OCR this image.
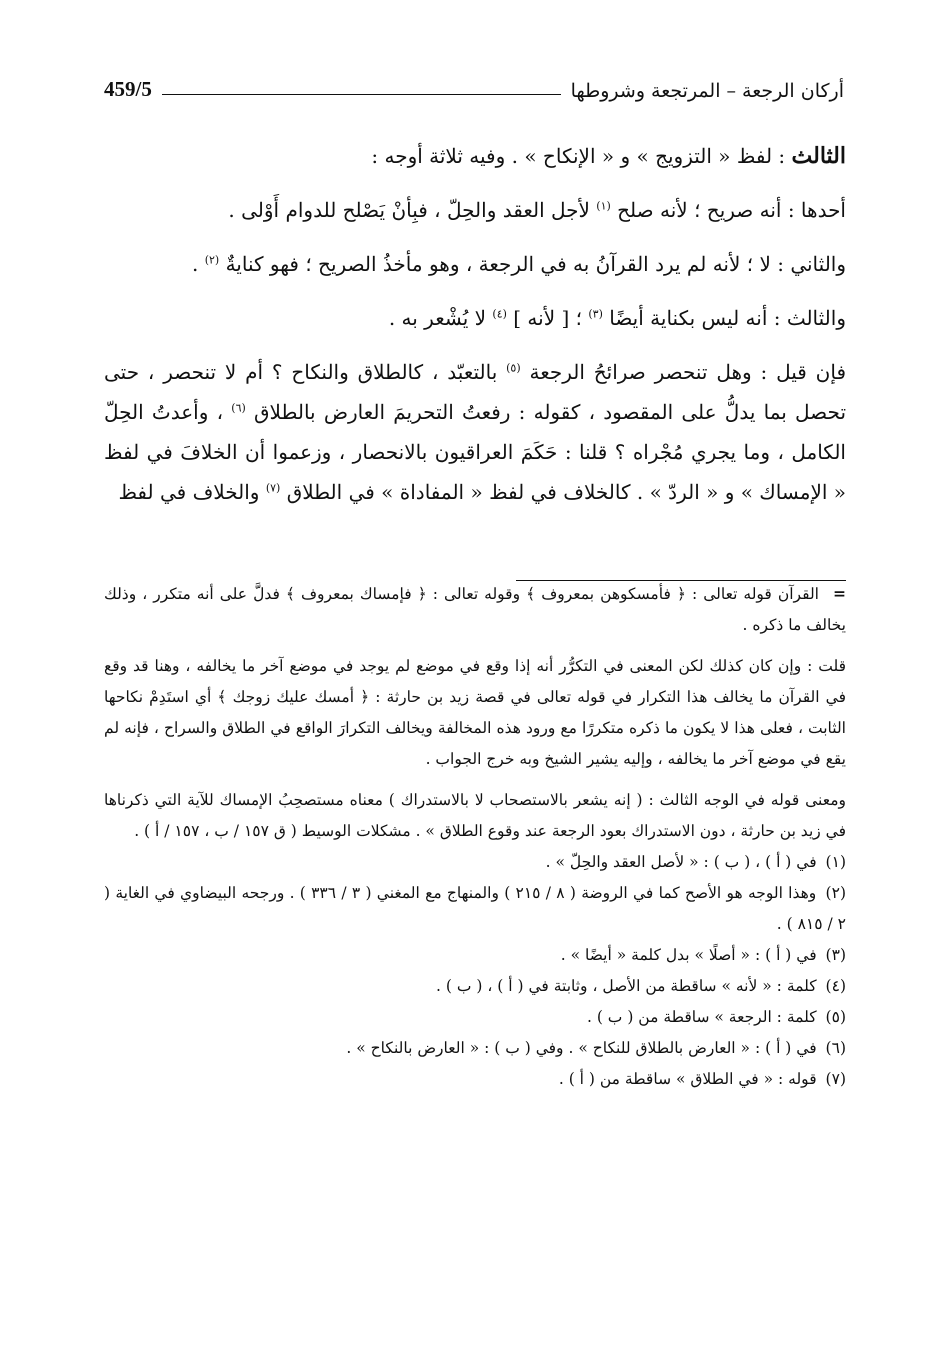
أركان الرجعة – المرتجعة وشروطها
459/5

الثالث : لفظ « التزويج » و « الإنكاح » . وفيه ثلاثة أوجه :

أحدها : أنه صريح ؛ لأنه صلح $^{(١)}$ لأجل العقد والحِلّ ، فبِأنْ يَصْلح للدوام أَوْلى .

والثاني : لا ؛ لأنه لم يرد القرآنُ به في الرجعة ، وهو مأخذُ الصريح ؛ فهو كنايةٌ $^{(٢)}$ .

والثالث : أنه ليس بكناية أيضًا $^{(٣)}$ ؛ [ لأنه ] $^{(٤)}$ لا يُشْعر به .

فإن قيل : وهل تنحصر صرائحُ الرجعة $^{(٥)}$ بالتعبّد ، كالطلاق والنكاح ؟ أم لا تنحصر ، حتى تحصل بما يدلُّ على المقصود ، كقوله : رفعتُ التحريمَ العارض بالطلاق $^{(٦)}$ ، وأعدتُ الحِلّ الكامل ، وما يجري مُجْراه ؟ قلنا : حَكَمَ العراقيون بالانحصار ، وزعموا أن الخلافَ في لفظ « الإمساك » و « الردّ » . كالخلاف في لفظ « المفاداة » في الطلاق $^{(٧)}$ والخلاف في لفظ

= القرآن قوله تعالى : ﴿ فأمسكوهن بمعروف ﴾ وقوله تعالى : ﴿ فإمساك بمعروف ﴾ فدلَّ على أنه متكرر ، وذلك يخالف ما ذكره .

قلت : وإن كان كذلك لكن المعنى في التكرُّر أنه إذا وقع في موضع لم يوجد في موضع آخر ما يخالفه ، وهنا قد وقع في القرآن ما يخالف هذا التكرار في قوله تعالى في قصة زيد بن حارثة : ﴿ أمسك عليك زوجك ﴾ أي استَدِمْ نكاحها الثابت ، فعلى هذا لا يكون ما ذكره متكررًا مع ورود هذه المخالفة ويخالف التكرارَ الواقع في الطلاق والسراح ، فإنه لم يقع في موضع آخر ما يخالفه ، وإليه يشير الشيخ وبه خرج الجواب .

ومعنى قوله في الوجه الثالث : ( إنه يشعر بالاستصحاب لا بالاستدراك ) معناه مستصحِبُ الإمساك للآية التي ذكرناها في زيد بن حارثة ، دون الاستدراك بعود الرجعة عند وقوع الطلاق » . مشكلات الوسيط ( ق ١٥٧ / ب ، ١٥٧ / أ ) .

(١) في ( أ ) ، ( ب ) : « لأصل العقد والحِلّ » .

(٢) وهذا الوجه هو الأصح كما في الروضة ( ٨ / ٢١٥ ) والمنهاج مع المغني ( ٣ / ٣٣٦ ) . ورجحه البيضاوي في الغاية ( ٢ / ٨١٥ ) .

(٣) في ( أ ) : « أصلًا » بدل كلمة « أيضًا » .

(٤) كلمة : « لأنه » ساقطة من الأصل ، وثابتة في ( أ ) ، ( ب ) .

(٥) كلمة : الرجعة » ساقطة من ( ب ) .

(٦) في ( أ ) : « العارض بالطلاق للنكاح » . وفي ( ب ) : « العارض بالنكاح » .

(٧) قوله : « في الطلاق » ساقطة من ( أ ) .
